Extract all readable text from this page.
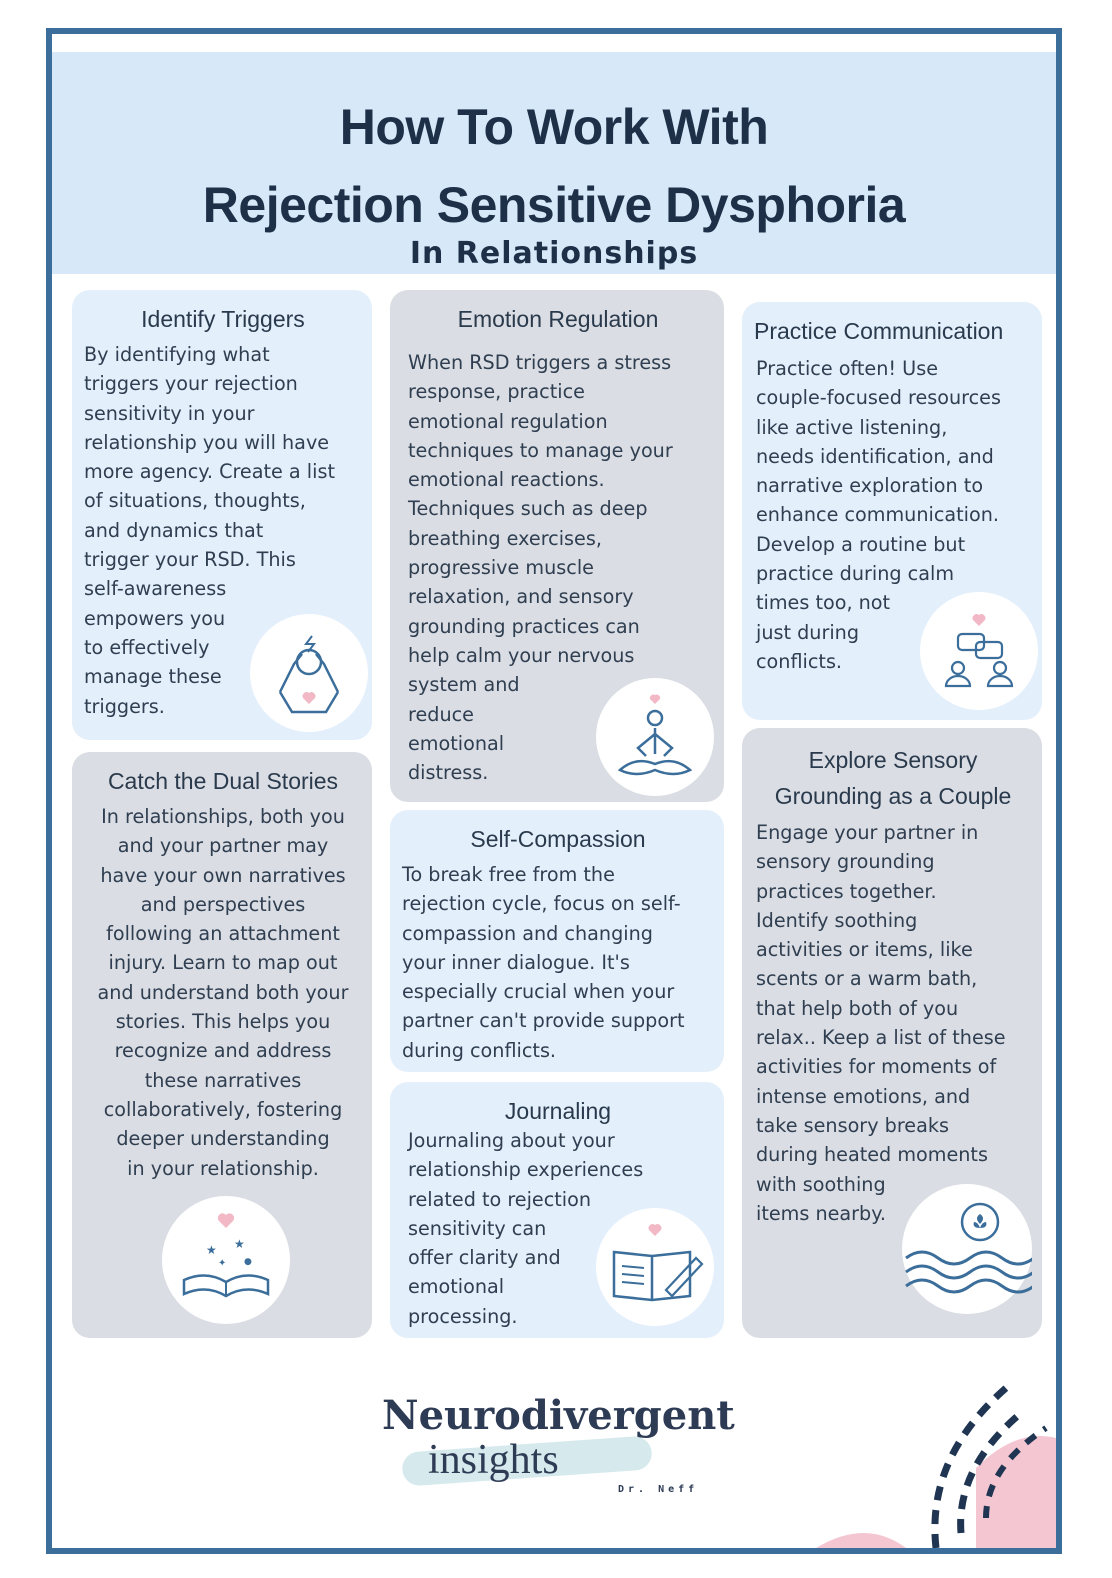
How To Work With
Rejection Sensitive Dysphoria
In Relationships
Identify Triggers
By identifying what
triggers your rejection
sensitivity in your
relationship you will have
more agency. Create a list
of situations, thoughts,
and dynamics that
trigger your RSD. This
self-awareness
empowers you
to effectively
manage these
triggers.
Emotion Regulation
When RSD triggers a stress
response, practice
emotional regulation
techniques to manage your
emotional reactions.
Techniques such as deep
breathing exercises,
progressive muscle
relaxation, and sensory
grounding practices can
help calm your nervous
system and
reduce
emotional
distress.
Practice Communication
Practice often! Use
couple-focused resources
like active listening,
needs identification, and
narrative exploration to
enhance communication.
Develop a routine but
practice during calm
times too, not
just during
conflicts.
Catch the Dual Stories
In relationships, both you
and your partner may
have your own narratives
and perspectives
following an attachment
injury. Learn to map out
and understand both your
stories. This helps you
recognize and address
these narratives
collaboratively, fostering
deeper understanding
in your relationship.
★ ★
✦ ●
Self-Compassion
To break free from the
rejection cycle, focus on self-
compassion and changing
your inner dialogue. It's
especially crucial when your
partner can't provide support
during conflicts.
Journaling
Journaling about your
relationship experiences
related to rejection
sensitivity can
offer clarity and
emotional
processing.
Explore Sensory
Grounding as a Couple
Engage your partner in
sensory grounding
practices together.
Identify soothing
activities or items, like
scents or a warm bath,
that help both of you
relax.. Keep a list of these
activities for moments of
intense emotions, and
take sensory breaks
during heated moments
with soothing
items nearby.
Neurodivergent
insights
Dr. Neff
